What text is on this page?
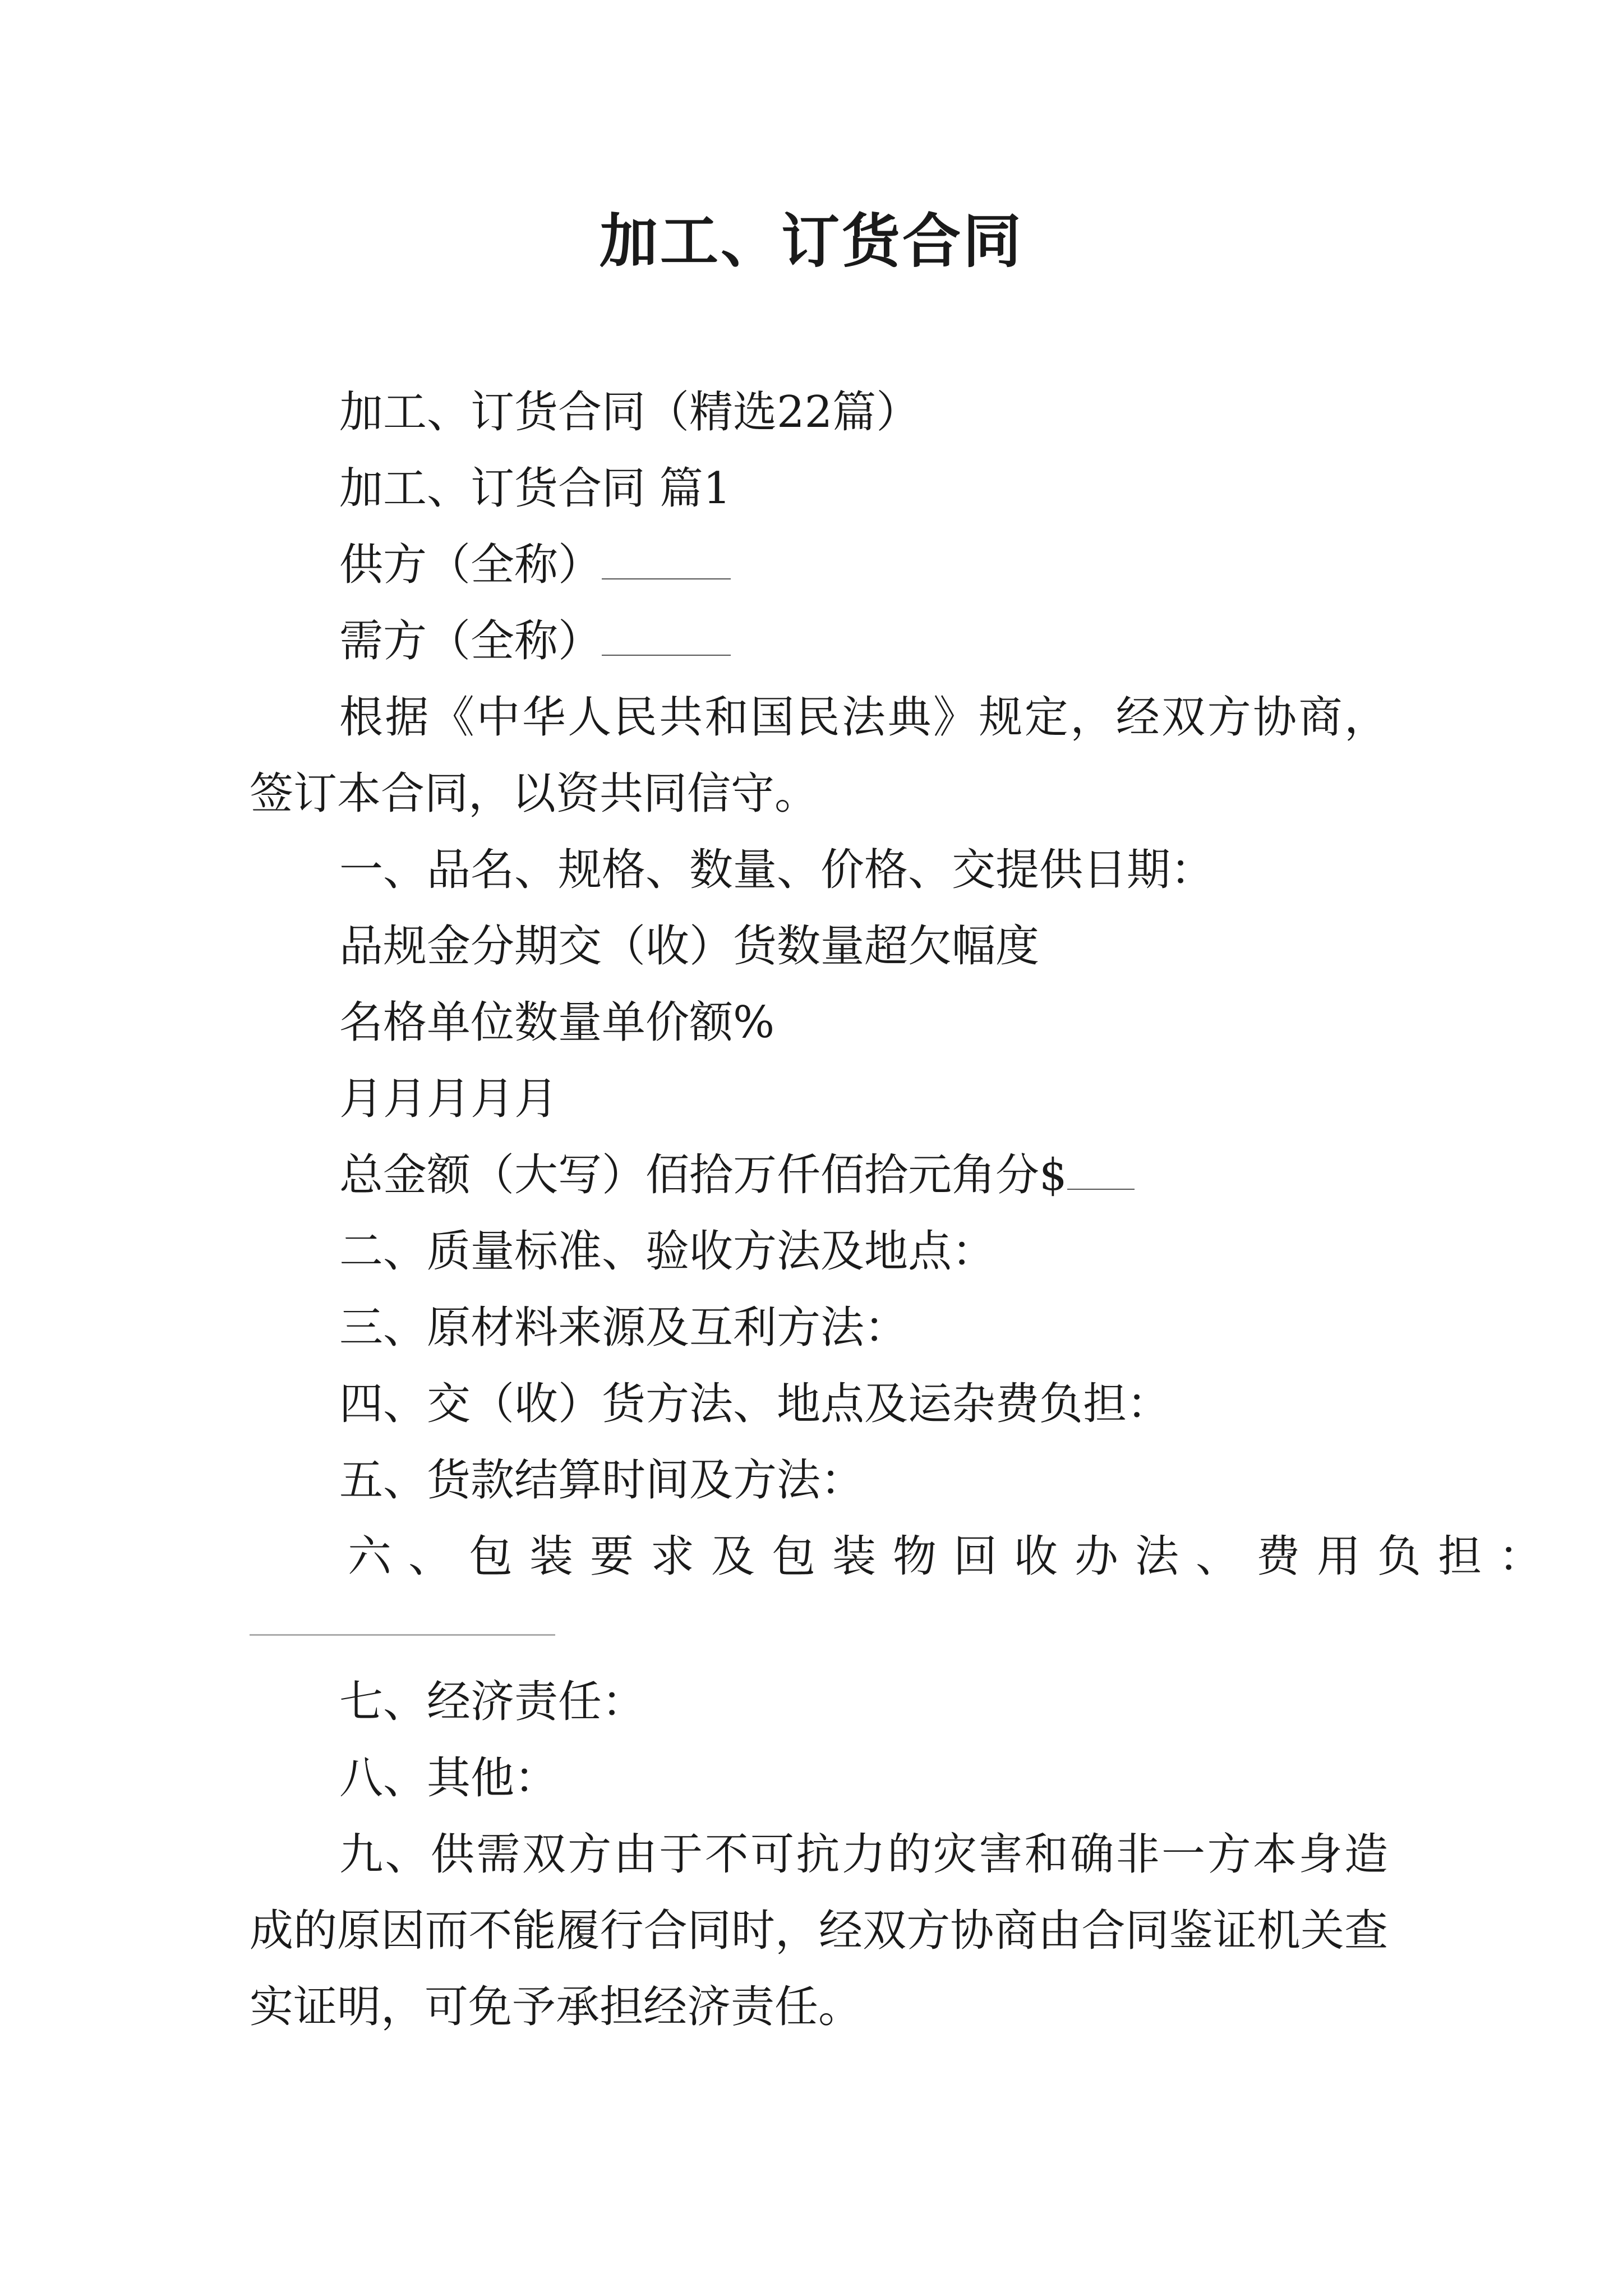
加工、订货合同

加工、订货合同（精选22篇）

加工、订货合同 篇1

供方（全称）

需方（全称）

根据《中华人民共和国民法典》规定，经双方协商，签订本合同，以资共同信守。

一、品名、规格、数量、价格、交提供日期：

品规金分期交（收）货数量超欠幅度

名格单位数量单价额%

月月月月月

总金额（大写）佰拾万仟佰拾元角分$

二、质量标准、验收方法及地点：

三、原材料来源及互利方法：

四、交（收）货方法、地点及运杂费负担：

五、货款结算时间及方法：

六、包装要求及包装物回收办法、费用负担：

七、经济责任：

八、其他：

九、供需双方由于不可抗力的灾害和确非一方本身造成的原因而不能履行合同时，经双方协商由合同鉴证机关查实证明，可免予承担经济责任。
